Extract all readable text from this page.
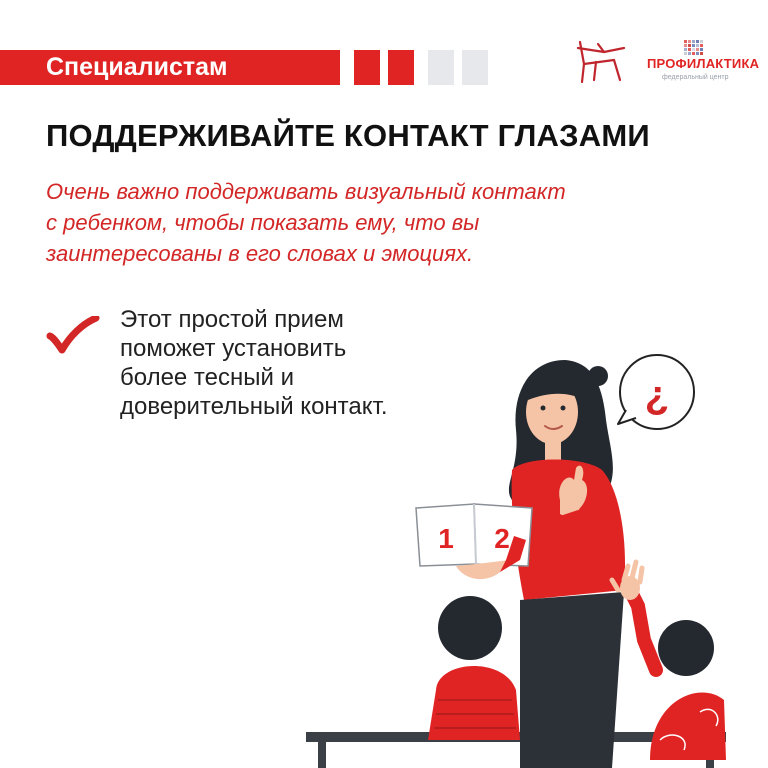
Специалистам	ПРОФИЛАКТИКА
федеральный центр
ПОДДЕРЖИВАЙТЕ КОНТАКТ ГЛАЗАМИ
Очень важно поддерживать визуальный контакт
с ребенком, чтобы показать ему, что вы
заинтересованы в его словах и эмоциях.
Этот простой прием
поможет установить
более тесный и
доверительный контакт.	¿
1 2
